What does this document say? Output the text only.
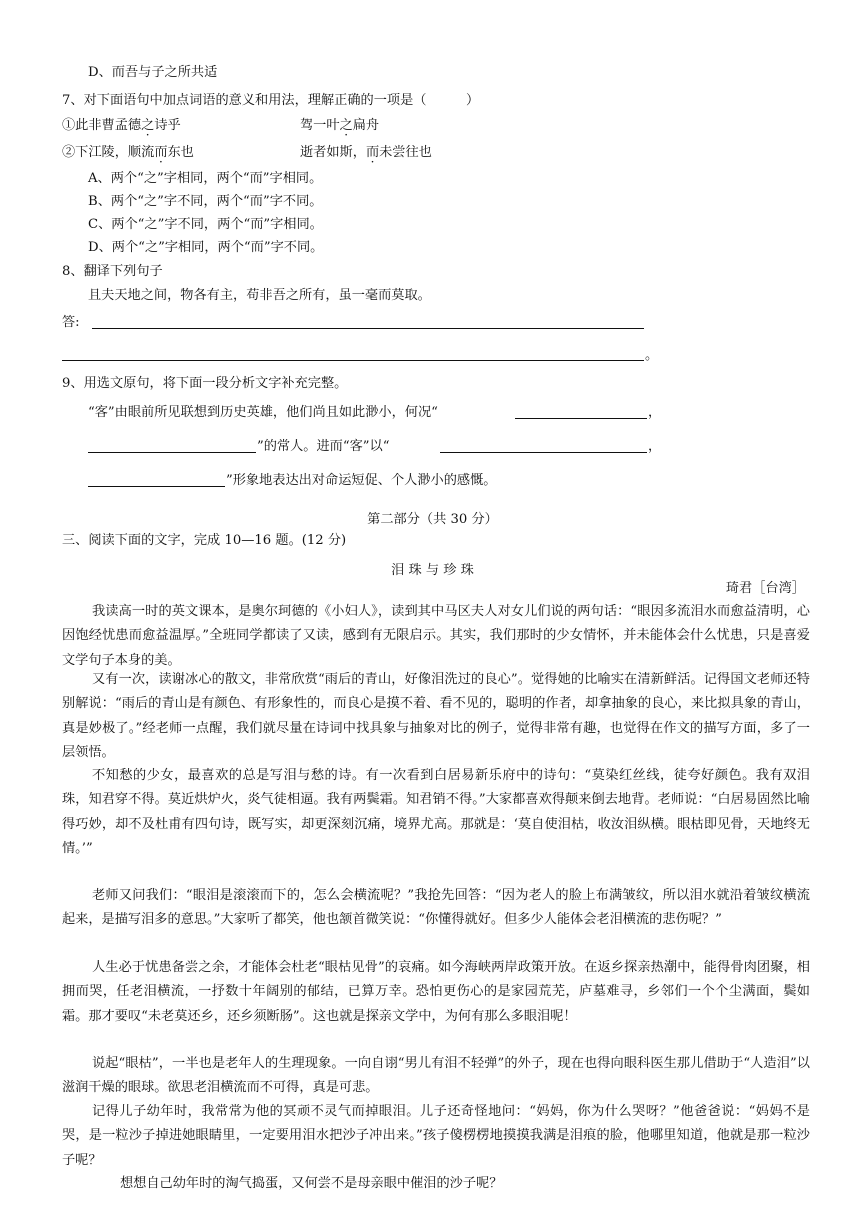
D、而吾与子之所共适
7、对下面语句中加点词语的意义和用法，理解正确的一项是（　　　）
①此非曹孟德之诗乎	驾一叶之扁舟
②下江陵，顺流而东也	逝者如斯，而未尝往也
A、两个“之”字相同，两个“而”字相同。
B、两个“之”字不同，两个“而”字不同。
C、两个“之”字不同，两个“而”字相同。
D、两个“之”字相同，两个“而”字不同。
8、翻译下列句子
且夫天地之间，物各有主，苟非吾之所有，虽一毫而莫取。
答:
。
9、用选文原句，将下面一段分析文字补充完整。
“客”由眼前所见联想到历史英雄，他们尚且如此渺小，何况“	，
”的常人。进而“客”以“	，
”形象地表达出对命运短促、个人渺小的感慨。
第二部分（共 30 分）
三、阅读下面的文字，完成 10—16 题。(12 分)
泪 珠 与 珍 珠
琦君［台湾］
我读高一时的英文课本，是奥尔珂德的《小妇人》，读到其中马区夫人对女儿们说的两句话：“眼因多流泪水而愈益清明，心因饱经忧患而愈益温厚。”全班同学都读了又读，感到有无限启示。其实，我们那时的少女情怀，并未能体会什么忧患，只是喜爱文学句子本身的美。
又有一次，读谢冰心的散文，非常欣赏“雨后的青山，好像泪洗过的良心”。觉得她的比喻实在清新鲜活。记得国文老师还特别解说：“雨后的青山是有颜色、有形象性的，而良心是摸不着、看不见的，聪明的作者，却拿抽象的良心，来比拟具象的青山，真是妙极了。”经老师一点醒，我们就尽量在诗词中找具象与抽象对比的例子，觉得非常有趣，也觉得在作文的描写方面，多了一层领悟。
不知愁的少女，最喜欢的总是写泪与愁的诗。有一次看到白居易新乐府中的诗句：“莫染红丝线，徒夸好颜色。我有双泪珠，知君穿不得。莫近烘炉火，炎气徒相逼。我有两鬓霜。知君销不得。”大家都喜欢得颠来倒去地背。老师说：“白居易固然比喻得巧妙，却不及杜甫有四句诗，既写实，却更深刻沉痛，境界尤高。那就是：‘莫自使泪枯，收汝泪纵横。眼枯即见骨，天地终无情。’”
老师又问我们：“眼泪是滚滚而下的，怎么会横流呢？”我抢先回答：“因为老人的脸上布满皱纹，所以泪水就沿着皱纹横流起来，是描写泪多的意思。”大家听了都笑，他也颔首微笑说：“你懂得就好。但多少人能体会老泪横流的悲伤呢？”
人生必于忧患备尝之余，才能体会杜老“眼枯见骨”的哀痛。如今海峡两岸政策开放。在返乡探亲热潮中，能得骨肉团聚，相拥而哭，任老泪横流，一抒数十年阔别的郁结，已算万幸。恐怕更伤心的是家园荒芜，庐墓难寻，乡邻们一个个尘满面，鬓如霜。那才要叹“未老莫还乡，还乡须断肠”。这也就是探亲文学中，为何有那么多眼泪呢！
说起“眼枯”，一半也是老年人的生理现象。一向自诩“男儿有泪不轻弹”的外子，现在也得向眼科医生那儿借助于“人造泪”以滋润干燥的眼球。欲思老泪横流而不可得，真是可悲。
记得儿子幼年时，我常常为他的冥顽不灵气而掉眼泪。儿子还奇怪地问：“妈妈，你为什么哭呀？”他爸爸说：“妈妈不是哭，是一粒沙子掉进她眼睛里，一定要用泪水把沙子冲出来。”孩子傻楞楞地摸摸我满是泪痕的脸，他哪里知道，他就是那一粒沙子呢？
想想自己幼年时的淘气捣蛋，又何尝不是母亲眼中催泪的沙子呢？
